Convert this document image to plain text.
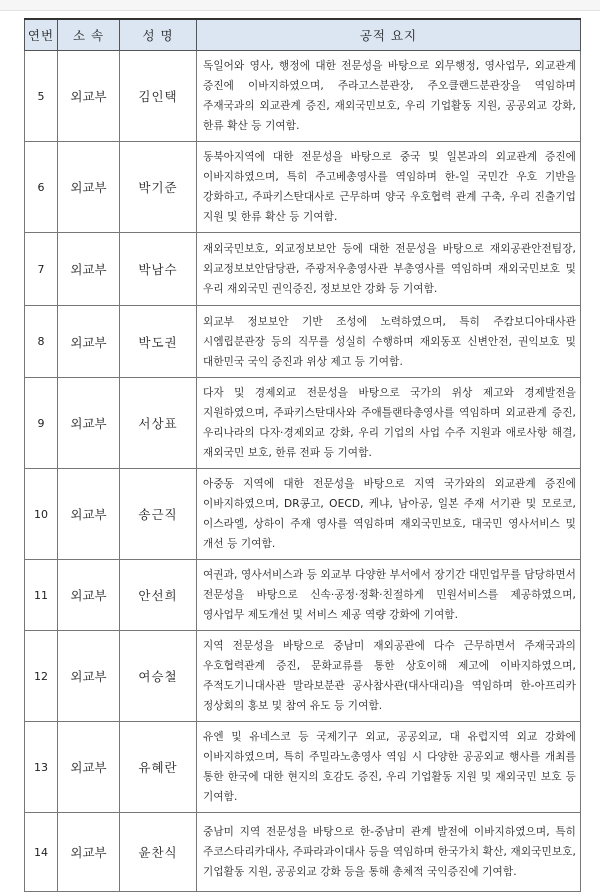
연번	소 속	성 명	공적 요지
5	외교부	김인택	독일어와 영사, 행정에 대한 전문성을 바탕으로 외무행정, 영사업무, 외교관계 증진에 이바지하였으며, 주라고스분관장, 주오클랜드분관장을 역임하며 주재국과의 외교관계 증진, 재외국민보호, 우리 기업활동 지원, 공공외교 강화, 한류 확산 등 기여함.
6	외교부	박기준	동북아지역에 대한 전문성을 바탕으로 중국 및 일본과의 외교관계 증진에 이바지하였으며, 특히 주고베총영사를 역임하며 한-일 국민간 우호 기반을 강화하고, 주파키스탄대사로 근무하며 양국 우호협력 관계 구축, 우리 진출기업 지원 및 한류 확산 등 기여함.
7	외교부	박남수	재외국민보호, 외교정보보안 등에 대한 전문성을 바탕으로 재외공관안전팀장, 외교정보보안담당관, 주광저우총영사관 부총영사를 역임하며 재외국민보호 및 우리 재외국민 권익증진, 정보보안 강화 등 기여함.
8	외교부	박도권	외교부 정보보안 기반 조성에 노력하였으며, 특히 주캄보디아대사관 시엠립분관장 등의 직무를 성실히 수행하며 재외동포 신변안전, 권익보호 및 대한민국 국익 증진과 위상 제고 등 기여함.
9	외교부	서상표	다자 및 경제외교 전문성을 바탕으로 국가의 위상 제고와 경제발전을 지원하였으며, 주파키스탄대사와 주애틀랜타총영사를 역임하며 외교관계 증진, 우리나라의 다자·경제외교 강화, 우리 기업의 사업 수주 지원과 애로사항 해결, 재외국민 보호, 한류 전파 등 기여함.
10	외교부	송근직	아중동 지역에 대한 전문성을 바탕으로 지역 국가와의 외교관계 증진에 이바지하였으며, DR콩고, OECD, 케냐, 남아공, 일본 주재 서기관 및 모로코, 이스라엘, 상하이 주재 영사를 역임하며 재외국민보호, 대국민 영사서비스 및 개선 등 기여함.
11	외교부	안선희	여권과, 영사서비스과 등 외교부 다양한 부서에서 장기간 대민업무를 담당하면서 전문성을 바탕으로 신속·공정·정확·친절하게 민원서비스를 제공하였으며, 영사업무 제도개선 및 서비스 제공 역량 강화에 기여함.
12	외교부	여승철	지역 전문성을 바탕으로 중남미 재외공관에 다수 근무하면서 주재국과의 우호협력관계 증진, 문화교류를 통한 상호이해 제고에 이바지하였으며, 주적도기니대사관 말라보분관 공사참사관(대사대리)을 역임하며 한-아프리카 정상회의 홍보 및 참여 유도 등 기여함.
13	외교부	유혜란	유엔 및 유네스코 등 국제기구 외교, 공공외교, 대 유럽지역 외교 강화에 이바지하였으며, 특히 주밀라노총영사 역임 시 다양한 공공외교 행사를 개최를 통한 한국에 대한 현지의 호감도 증진, 우리 기업활동 지원 및 재외국민 보호 등 기여함.
14	외교부	윤찬식	중남미 지역 전문성을 바탕으로 한-중남미 관계 발전에 이바지하였으며, 특히 주코스타리카대사, 주파라과이대사 등을 역임하며 한국가치 확산, 재외국민보호, 기업활동 지원, 공공외교 강화 등을 통해 총체적 국익증진에 기여함.
